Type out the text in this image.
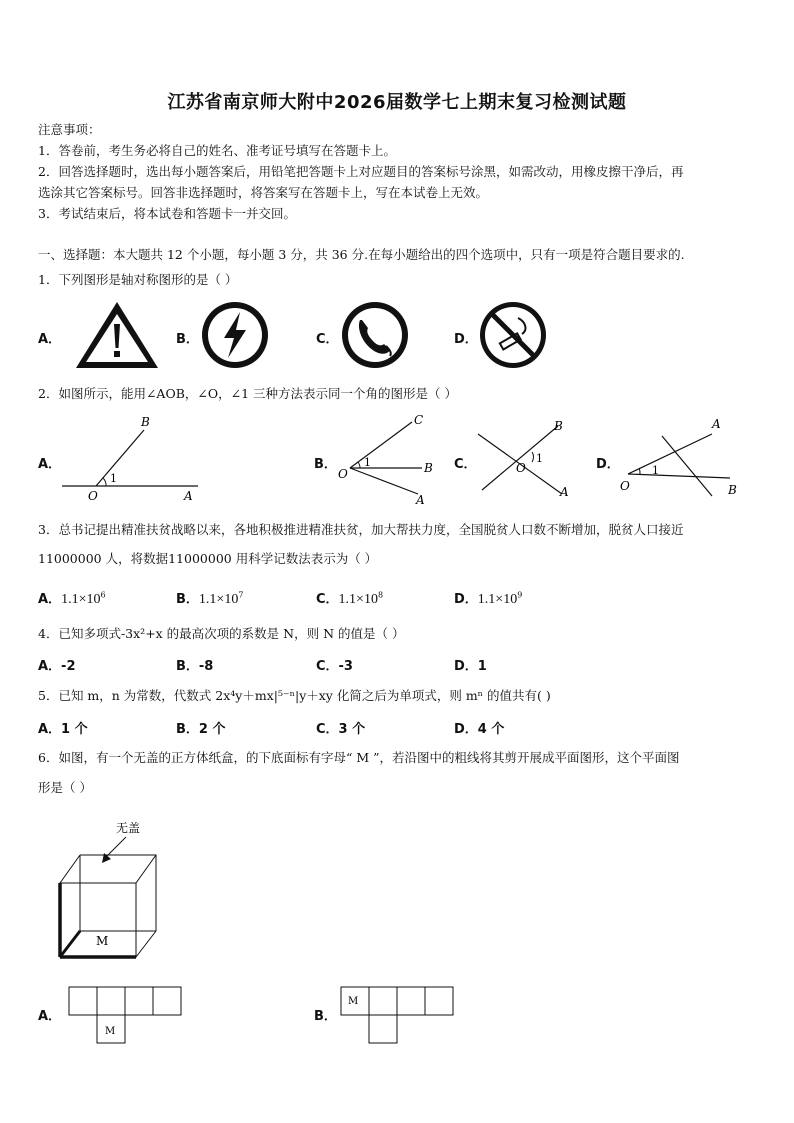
江苏省南京师大附中2026届数学七上期末复习检测试题
注意事项：
1．答卷前，考生务必将自己的姓名、准考证号填写在答题卡上。
2．回答选择题时，选出每小题答案后，用铅笔把答题卡上对应题目的答案标号涂黑，如需改动，用橡皮擦干净后，再
选涂其它答案标号。回答非选择题时，将答案写在答题卡上，写在本试卷上无效。
3．考试结束后，将本试卷和答题卡一并交回。
一、选择题：本大题共 12 个小题，每小题 3 分，共 36 分.在每小题给出的四个选项中，只有一项是符合题目要求的.
1．下列图形是轴对称图形的是（ ）
A．	B．	C．	D．
2．如图所示，能用∠AOB，∠O，∠1 三种方法表示同一个角的图形是（ ）
A．
B
1
O	A
B．
C
1	B
O
A
C．
B
1
O
A
D．
A
1
O	B
3．总书记提出精准扶贫战略以来，各地积极推进精准扶贫，加大帮扶力度，全国脱贫人口数不断增加，脱贫人口接近
11000000 人，将数据11000000 用科学记数法表示为（ ）
A．$1.1\times 10^6$	B．$1.1\times 10^7$	C．$1.1\times 10^8$	D．$1.1\times 10^9$
4．已知多项式-3x²+x 的最高次项的系数是 N，则 N 的值是（ ）
A．-2	B．-8	C．-3	D．1
5．已知 m，n 为常数，代数式 2x⁴y＋mx|⁵⁻ⁿ|y＋xy 化简之后为单项式，则 mⁿ 的值共有( )
A．1 个	B．2 个	C．3 个	D．4 个
6．如图，有一个无盖的正方体纸盒，的下底面标有字母“ M ”，若沿图中的粗线将其剪开展成平面图形，这个平面图
形是（ ）
无盖
M
A．
M
B．
M
